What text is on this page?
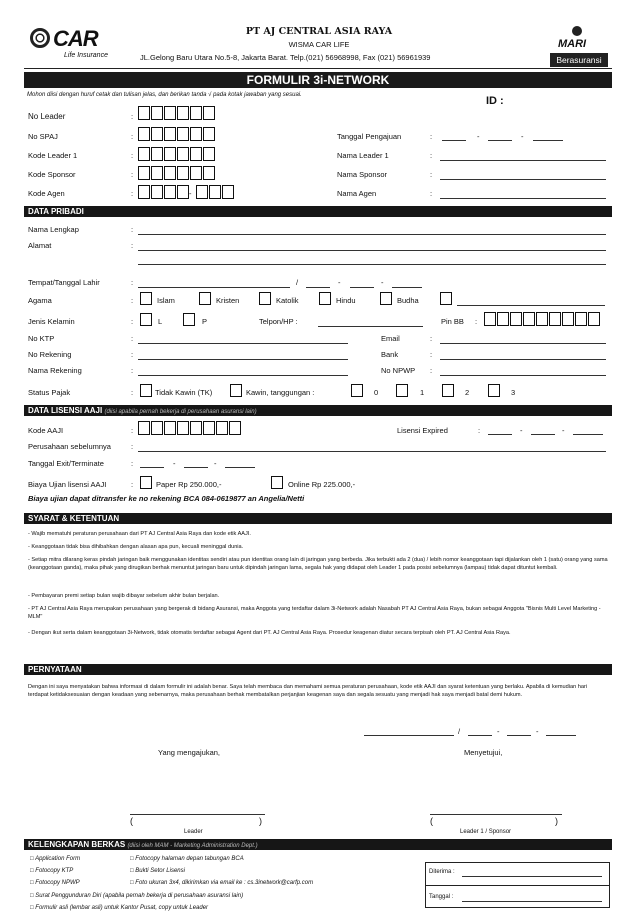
CAR
Life Insurance
PT AJ CENTRAL ASIA RAYA
WISMA CAR LIFE
JL.Gelong Baru Utara No.5-8, Jakarta Barat. Telp.(021) 56968998, Fax (021) 56961939
MARI
Berasuransi
FORMULIR 3i-NETWORK
Mohon diisi dengan huruf cetak dan tulisan jelas, dan berikan tanda √ pada kotak jawaban yang sesuai.	ID :
No Leader	:
No SPAJ	:	Tanggal Pengajuan	:	-	-
Kode Leader 1	:	Nama Leader 1	:
Kode Sponsor	:	Nama Sponsor	:
Kode Agen	:	-	Nama Agen	:
DATA PRIBADI
Nama Lengkap	:
Alamat	:
Tempat/Tanggal Lahir	:	/	-	-
Agama	:	Islam	Kristen	Katolik	Hindu	Budha
Jenis Kelamin	:	L	P	Telpon/HP :	Pin BB :
No KTP	:	Email	:
No Rekening	:	Bank	:
Nama Rekening	:	No NPWP :
Status Pajak	:	Tidak Kawin (TK)	Kawin, tanggungan :	0	1	2	3
DATA LISENSI AAJI (diisi apabila pernah bekerja di perusahaan asuransi lain)
Kode AAJI	:	Lisensi Expired	:	-	-
Perusahaan sebelumnya	:
Tanggal Exit/Terminate	:	-	-
Biaya Ujian lisensi AAJI	:	Paper Rp 250.000,-	Online Rp 225.000,-
Biaya ujian dapat ditransfer ke no rekening BCA 084-0619877 an Angelia/Netti
SYARAT & KETENTUAN
- Wajib mematuhi peraturan perusahaan dari PT AJ Central Asia Raya dan kode etik AAJI.
- Keanggotaan tidak bisa dihibahkan dengan alasan apa pun, kecuali meninggal dunia.
- Setiap mitra dilarang keras pindah jaringan baik menggunakan identitas sendiri atau pun identitas orang lain di jaringan yang berbeda. Jika terbukti ada 2 (dua) / lebih nomor keanggotaan tapi dijalankan oleh 1 (satu) orang yang sama (keanggotaan ganda), maka pihak yang dirugikan berhak menuntut jaringan baru untuk dipindah jaringan lama, segala hak yang didapat oleh Leader 1 pada posisi sebelumnya (lampau) tidak dapat dituntut kembali.
- Pembayaran premi setiap bulan wajib dibayar sebelum akhir bulan berjalan.
- PT AJ Central Asia Raya merupakan perusahaan yang bergerak di bidang Asuransi, maka Anggota yang terdaftar dalam 3i-Network adalah Nasabah PT AJ Central Asia Raya, bukan sebagai Anggota "Bisnis Multi Level Marketing - MLM"
- Dengan ikut serta dalam keanggotaan 3i-Network, tidak otomatis terdaftar sebagai Agent dari PT. AJ Central Asia Raya. Prosedur keagenan diatur secara terpisah oleh PT. AJ Central Asia Raya.
PERNYATAAN
Dengan ini saya menyatakan bahwa informasi di dalam formulir ini adalah benar. Saya telah membaca dan memahami semua peraturan perusahaan, kode etik AAJI dan syarat ketentuan yang berlaku. Apabila di kemudian hari terdapat ketidaksesuaian dengan keadaan yang sebenarnya, maka perusahaan berhak membatalkan perjanjian keagenan saya dan segala sesuatu yang menjadi hak saya menjadi batal demi hukum.
/	-	-
Yang mengajukan,	Menyetujui,
(	)
Leader
(	)
Leader 1 / Sponsor
KELENGKAPAN BERKAS (diisi oleh MAM - Marketing Administration Dept.)
□ Application Form
□ Fotocopy KTP
□ Fotocopy NPWP
□ Surat Penggunduran Diri (apabila pernah bekerja di perusahaan asuransi lain)
□ Formulir asli (lembar asli) untuk Kantor Pusat, copy untuk Leader
□ Fotocopy halaman depan tabungan BCA
□ Bukti Setor Lisensi
□ Foto ukuran 3x4, dikirimkan via email ke : cs.3inetwork@carfp.com
Diterima :
Tanggal :
